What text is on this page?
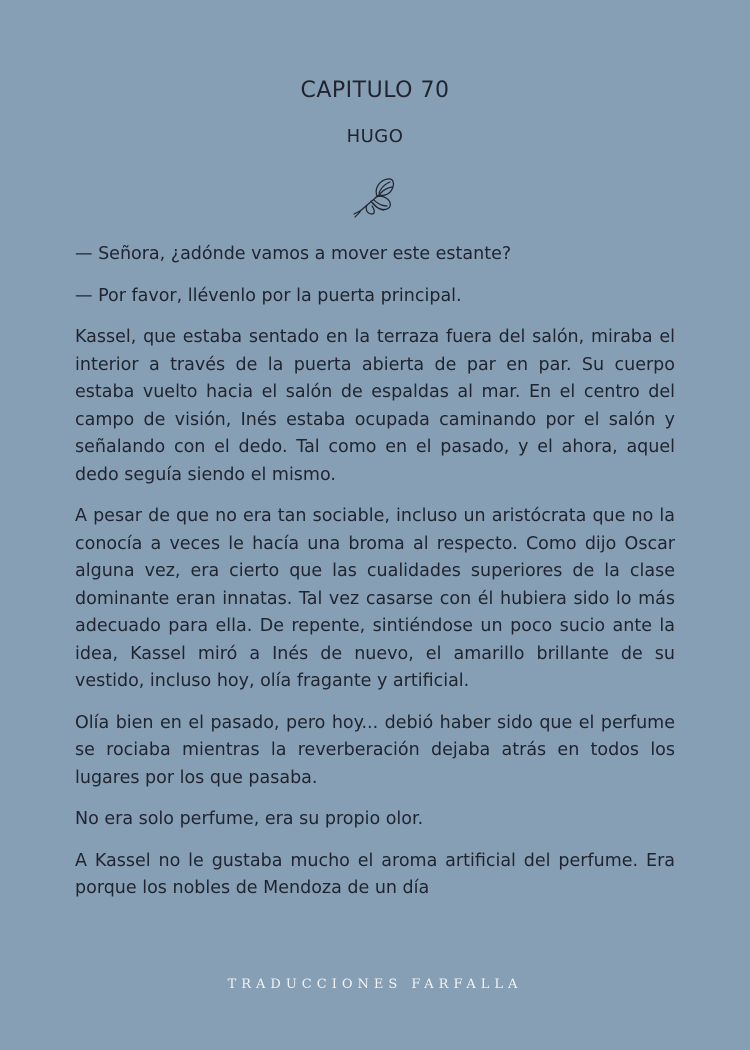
CAPITULO 70
HUGO

— Señora, ¿adónde vamos a mover este estante?

— Por favor, llévenlo por la puerta principal.

Kassel, que estaba sentado en la terraza fuera del salón, miraba el interior a través de la puerta abierta de par en par. Su cuerpo estaba vuelto hacia el salón de espaldas al mar. En el centro del campo de visión, Inés estaba ocupada caminando por el salón y señalando con el dedo. Tal como en el pasado, y el ahora, aquel dedo seguía siendo el mismo.

A pesar de que no era tan sociable, incluso un aristócrata que no la conocía a veces le hacía una broma al respecto. Como dijo Oscar alguna vez, era cierto que las cualidades superiores de la clase dominante eran innatas. Tal vez casarse con él hubiera sido lo más adecuado para ella. De repente, sintiéndose un poco sucio ante la idea, Kassel miró a Inés de nuevo, el amarillo brillante de su vestido, incluso hoy, olía fragante y artificial.

Olía bien en el pasado, pero hoy... debió haber sido que el perfume se rociaba mientras la reverberación dejaba atrás en todos los lugares por los que pasaba.

No era solo perfume, era su propio olor.

A Kassel no le gustaba mucho el aroma artificial del perfume. Era porque los nobles de Mendoza de un día

TRADUCCIONES FARFALLA
